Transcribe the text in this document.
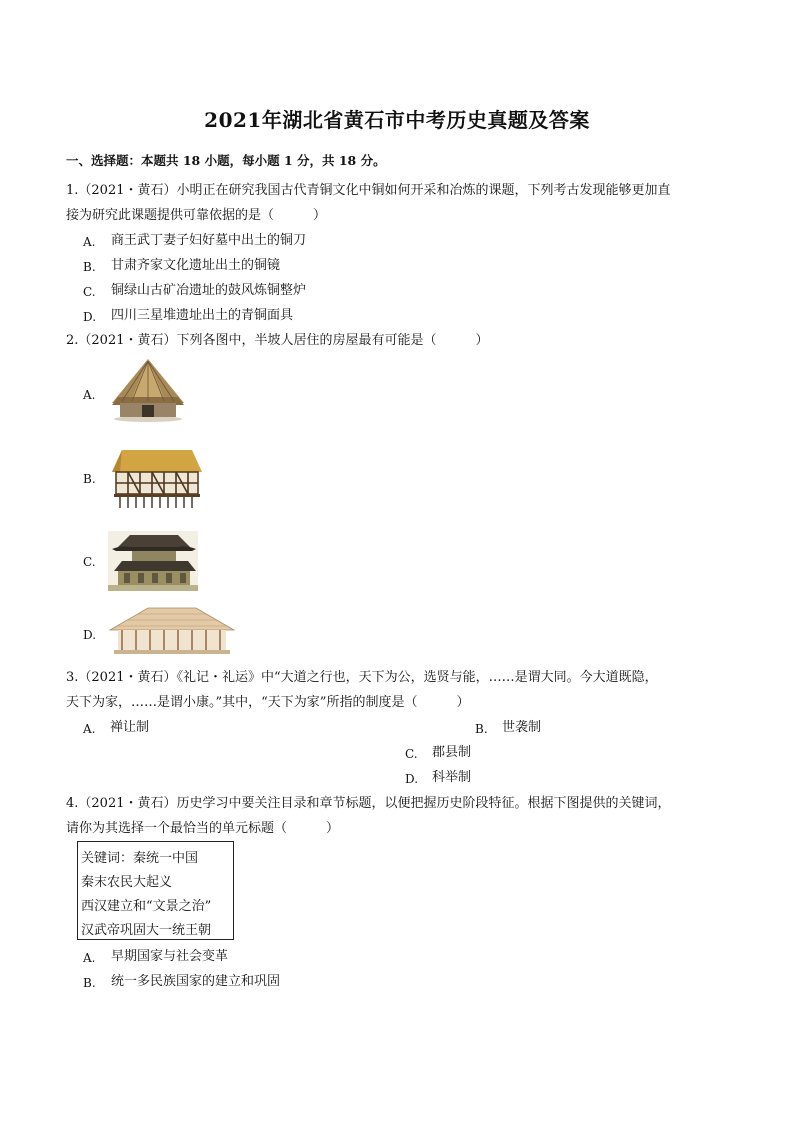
2021年湖北省黄石市中考历史真题及答案
一、选择题：本题共 18 小题，每小题 1 分，共 18 分。
1.（2021・黄石）小明正在研究我国古代青铜文化中铜如何开采和冶炼的课题，下列考古发现能够更加直
接为研究此课题提供可靠依据的是（　　　）
A. 商王武丁妻子妇好墓中出土的铜刀
B. 甘肃齐家文化遗址出土的铜镜
C. 铜绿山古矿冶遗址的鼓风炼铜整炉
D. 四川三星堆遗址出土的青铜面具
2.（2021・黄石）下列各图中，半坡人居住的房屋最有可能是（　　　）
A.
B.
C.
D.
3.（2021・黄石）《礼记・礼运》中“大道之行也，天下为公，选贤与能，……是谓大同。今大道既隐，
天下为家，……是谓小康。”其中，“天下为家”所指的制度是（　　　）
A. 禅让制	B. 世袭制
C. 郡县制
D. 科举制
4.（2021・黄石）历史学习中要关注目录和章节标题，以便把握历史阶段特征。根据下图提供的关键词，
请你为其选择一个最恰当的单元标题（　　　）
关键词：秦统一中国
秦末农民大起义
西汉建立和“文景之治”
汉武帝巩固大一统王朝
A. 早期国家与社会变革
B. 统一多民族国家的建立和巩固
